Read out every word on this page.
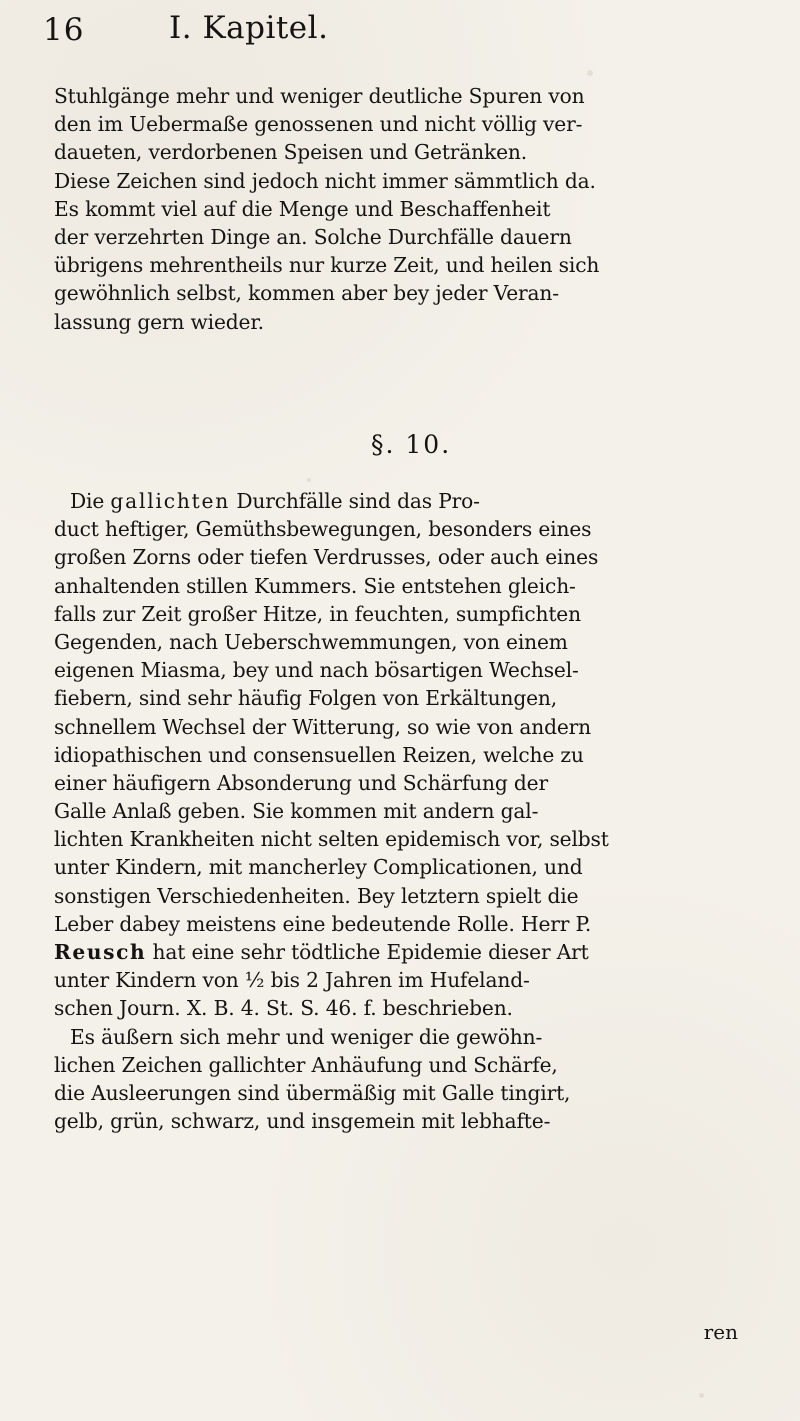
16	I. Kapitel.
Stuhlgänge mehr und weniger deutliche Spuren von
den im Uebermaße genossenen und nicht völlig ver-
daueten, verdorbenen Speisen und Getränken.
Diese Zeichen sind jedoch nicht immer sämmtlich da.
Es kommt viel auf die Menge und Beschaffenheit
der verzehrten Dinge an. Solche Durchfälle dauern
übrigens mehrentheils nur kurze Zeit, und heilen sich
gewöhnlich selbst, kommen aber bey jeder Veran-
lassung gern wieder.
§. 10.
Die gallichten Durchfälle sind das Pro-
duct heftiger, Gemüthsbewegungen, besonders eines
großen Zorns oder tiefen Verdrusses, oder auch eines
anhaltenden stillen Kummers. Sie entstehen gleich-
falls zur Zeit großer Hitze, in feuchten, sumpfichten
Gegenden, nach Ueberschwemmungen, von einem
eigenen Miasma, bey und nach bösartigen Wechsel-
fiebern, sind sehr häufig Folgen von Erkältungen,
schnellem Wechsel der Witterung, so wie von andern
idiopathischen und consensuellen Reizen, welche zu
einer häufigern Absonderung und Schärfung der
Galle Anlaß geben. Sie kommen mit andern gal-
lichten Krankheiten nicht selten epidemisch vor, selbst
unter Kindern, mit mancherley Complicationen, und
sonstigen Verschiedenheiten. Bey letztern spielt die
Leber dabey meistens eine bedeutende Rolle. Herr P.
Reusch hat eine sehr tödtliche Epidemie dieser Art
unter Kindern von ½ bis 2 Jahren im Hufeland-
schen Journ. X. B. 4. St. S. 46. f. beschrieben.
Es äußern sich mehr und weniger die gewöhn-
lichen Zeichen gallichter Anhäufung und Schärfe,
die Ausleerungen sind übermäßig mit Galle tingirt,
gelb, grün, schwarz, und insgemein mit lebhafte-
ren
